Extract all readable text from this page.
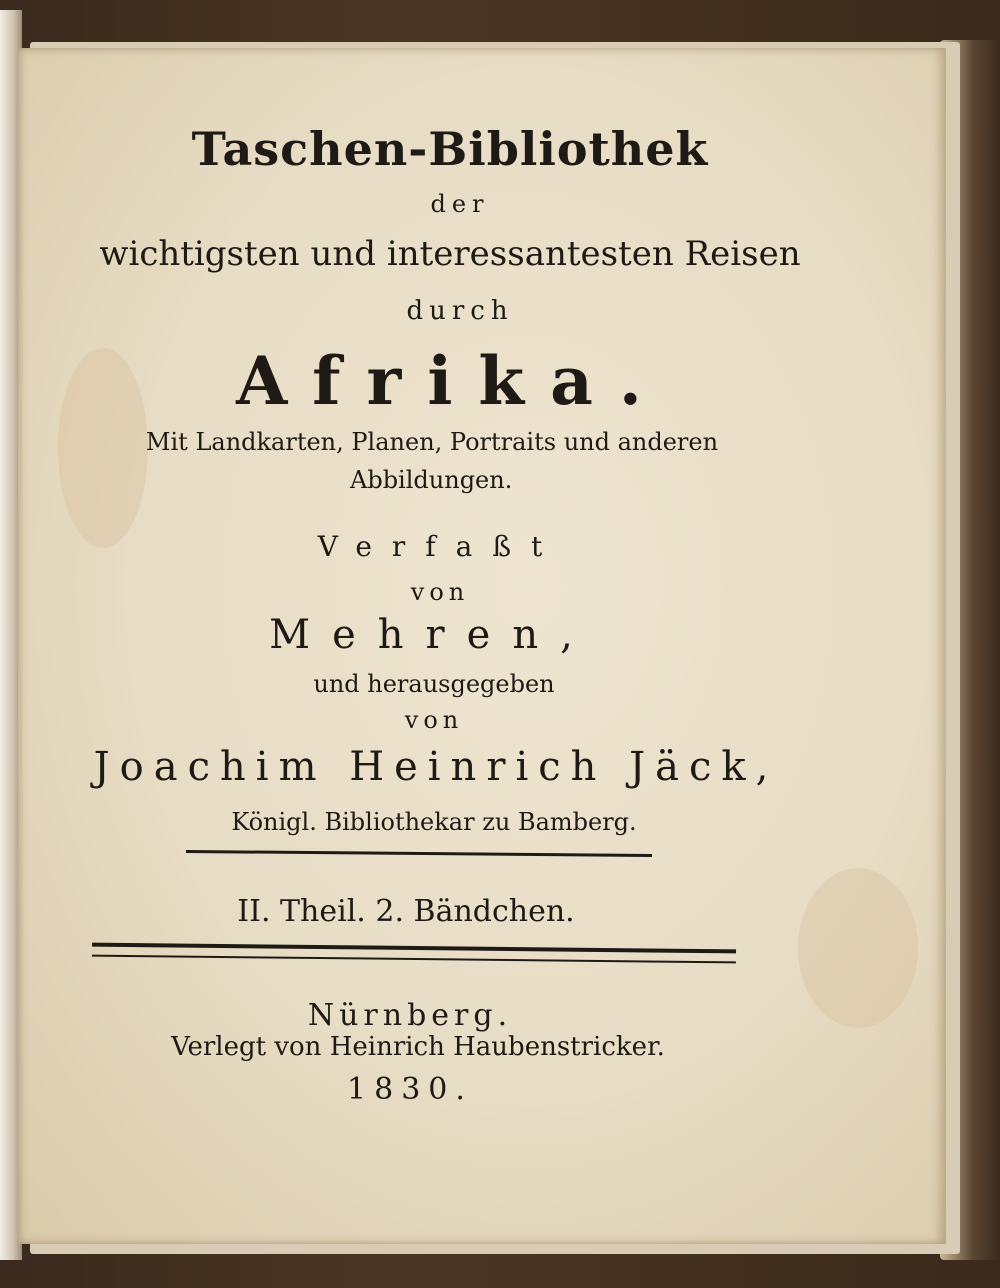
Taschen-Bibliothek

der

wichtigsten und interessantesten Reisen

durch

Afrika.

Mit Landkarten, Planen, Portraits und anderen

Abbildungen.

Verfaßt

von

Mehren,

und herausgegeben

von

Joachim Heinrich Jäck,

Königl. Bibliothekar zu Bamberg.

II. Theil. 2. Bändchen.

Nürnberg.

Verlegt von Heinrich Haubenstricker.

1830.
